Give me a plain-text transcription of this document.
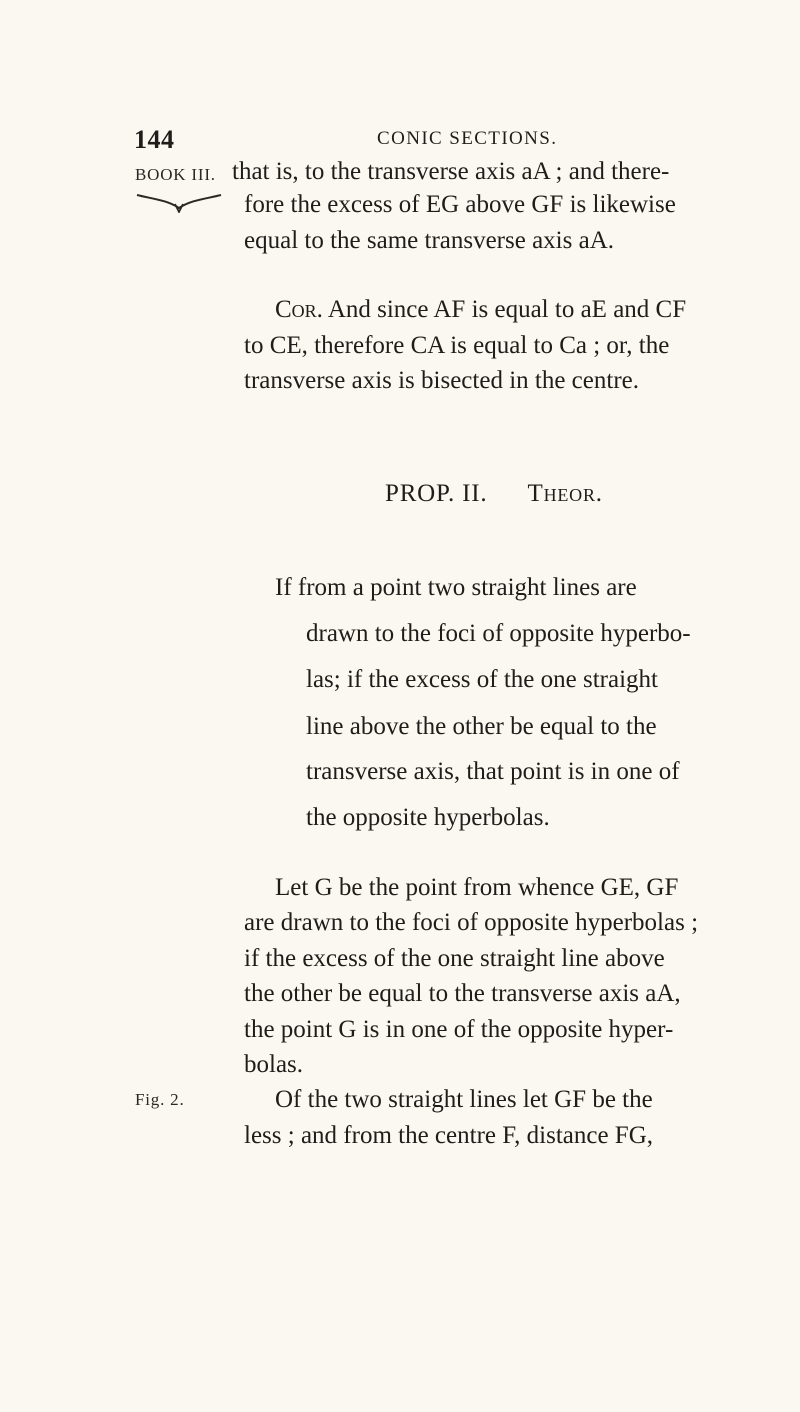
144	CONIC SECTIONS.
BOOK III. that is, to the transverse axis aA ; and there-
fore the excess of EG above GF is likewise
equal to the same transverse axis aA.
Cor. And since AF is equal to aE and CF
to CE, therefore CA is equal to Ca ; or, the
transverse axis is bisected in the centre.
PROP. II. Theor.
If from a point two straight lines are
drawn to the foci of opposite hyperbo-
las; if the excess of the one straight
line above the other be equal to the
transverse axis, that point is in one of
the opposite hyperbolas.
Let G be the point from whence GE, GF
are drawn to the foci of opposite hyperbolas ;
if the excess of the one straight line above
the other be equal to the transverse axis aA,
the point G is in one of the opposite hyper-
bolas.
Fig. 2.	Of the two straight lines let GF be the
less ; and from the centre F, distance FG,
